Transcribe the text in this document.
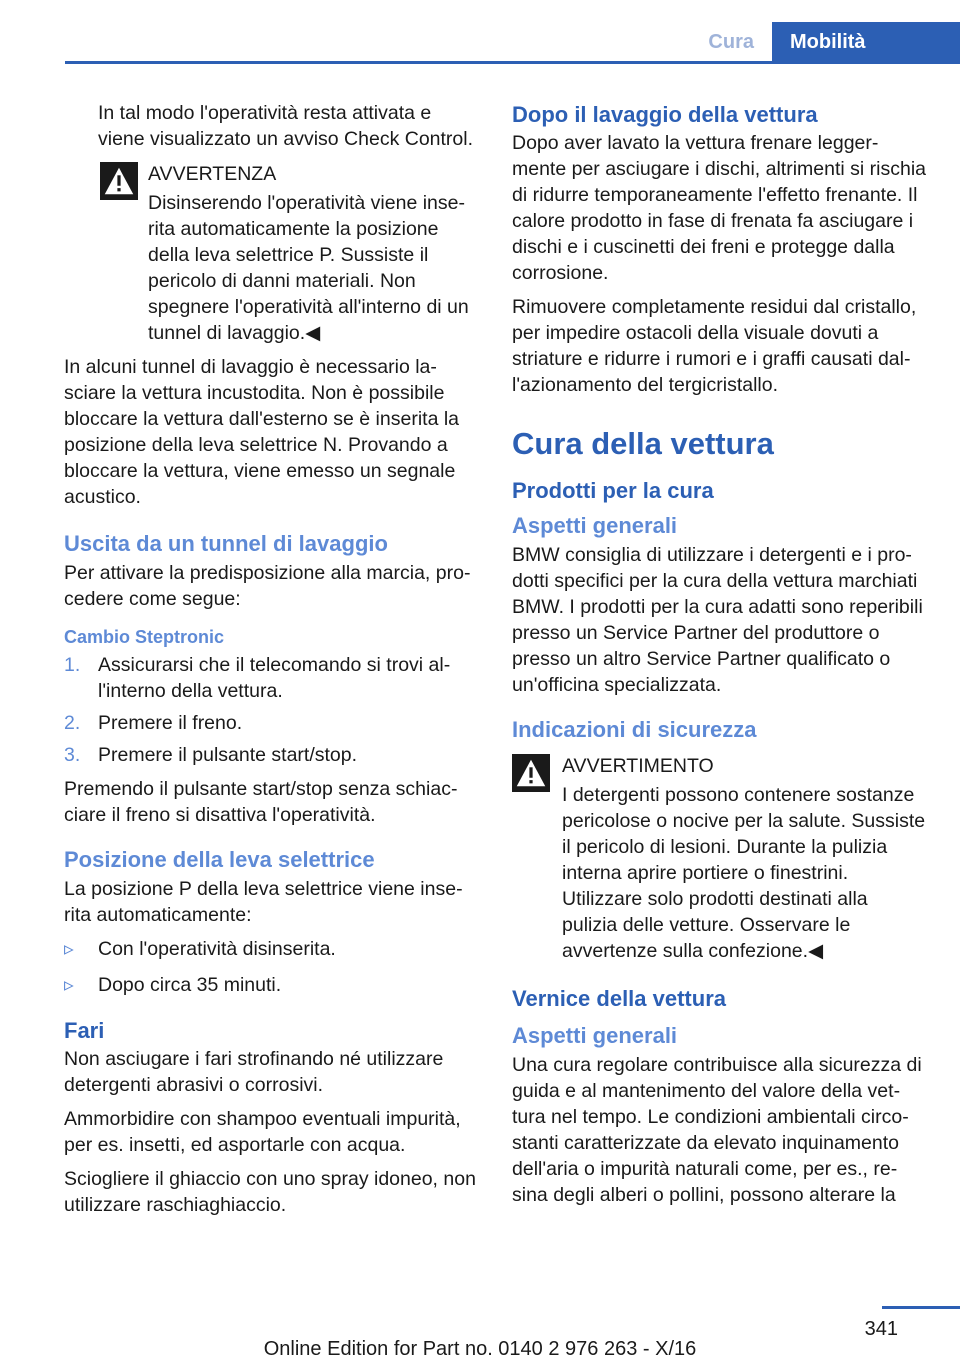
Cura	Mobilità

In tal modo l'operatività resta attivata e viene visualizzato un avviso Check Control.

AVVERTENZA

Disinserendo l'operatività viene inserita automaticamente la posizione della leva selettrice P. Sussiste il pericolo di danni materiali. Non spegnere l'operatività all'interno di un tunnel di lavaggio.◀

In alcuni tunnel di lavaggio è necessario lasciare la vettura incustodita. Non è possibile bloccare la vettura dall'esterno se è inserita la posizione della leva selettrice N. Provando a bloccare la vettura, viene emesso un segnale acustico.

Uscita da un tunnel di lavaggio

Per attivare la predisposizione alla marcia, procedere come segue:

Cambio Steptronic
1. Assicurarsi che il telecomando si trovi all'interno della vettura.
2. Premere il freno.
3. Premere il pulsante start/stop.

Premendo il pulsante start/stop senza schiacciare il freno si disattiva l'operatività.

Posizione della leva selettrice

La posizione P della leva selettrice viene inserita automaticamente:

▹ Con l'operatività disinserita.
▹ Dopo circa 35 minuti.
Fari

Non asciugare i fari strofinando né utilizzare detergenti abrasivi o corrosivi.

Ammorbidire con shampoo eventuali impurità, per es. insetti, ed asportarle con acqua.

Sciogliere il ghiaccio con uno spray idoneo, non utilizzare raschiaghiaccio.

Dopo il lavaggio della vettura

Dopo aver lavato la vettura frenare leggermente per asciugare i dischi, altrimenti si rischia di ridurre temporaneamente l'effetto frenante. Il calore prodotto in fase di frenata fa asciugare i dischi e i cuscinetti dei freni e protegge dalla corrosione.

Rimuovere completamente residui dal cristallo, per impedire ostacoli della visuale dovuti a striature e ridurre i rumori e i graffi causati dall'azionamento del tergicristallo.

Cura della vettura
Prodotti per la cura
Aspetti generali

BMW consiglia di utilizzare i detergenti e i prodotti specifici per la cura della vettura marchiati BMW. I prodotti per la cura adatti sono reperibili presso un Service Partner del produttore o presso un altro Service Partner qualificato o un'officina specializzata.

Indicazioni di sicurezza

AVVERTIMENTO

I detergenti possono contenere sostanze pericolose o nocive per la salute. Sussiste il pericolo di lesioni. Durante la pulizia interna aprire portiere o finestrini. Utilizzare solo prodotti destinati alla pulizia delle vetture. Osservare le avvertenze sulla confezione.◀

Vernice della vettura
Aspetti generali

Una cura regolare contribuisce alla sicurezza di guida e al mantenimento del valore della vettura nel tempo. Le condizioni ambientali circostanti caratterizzate da elevato inquinamento dell'aria o impurità naturali come, per es., resina degli alberi o pollini, possono alterare la

341
Online Edition for Part no. 0140 2 976 263 - X/16
